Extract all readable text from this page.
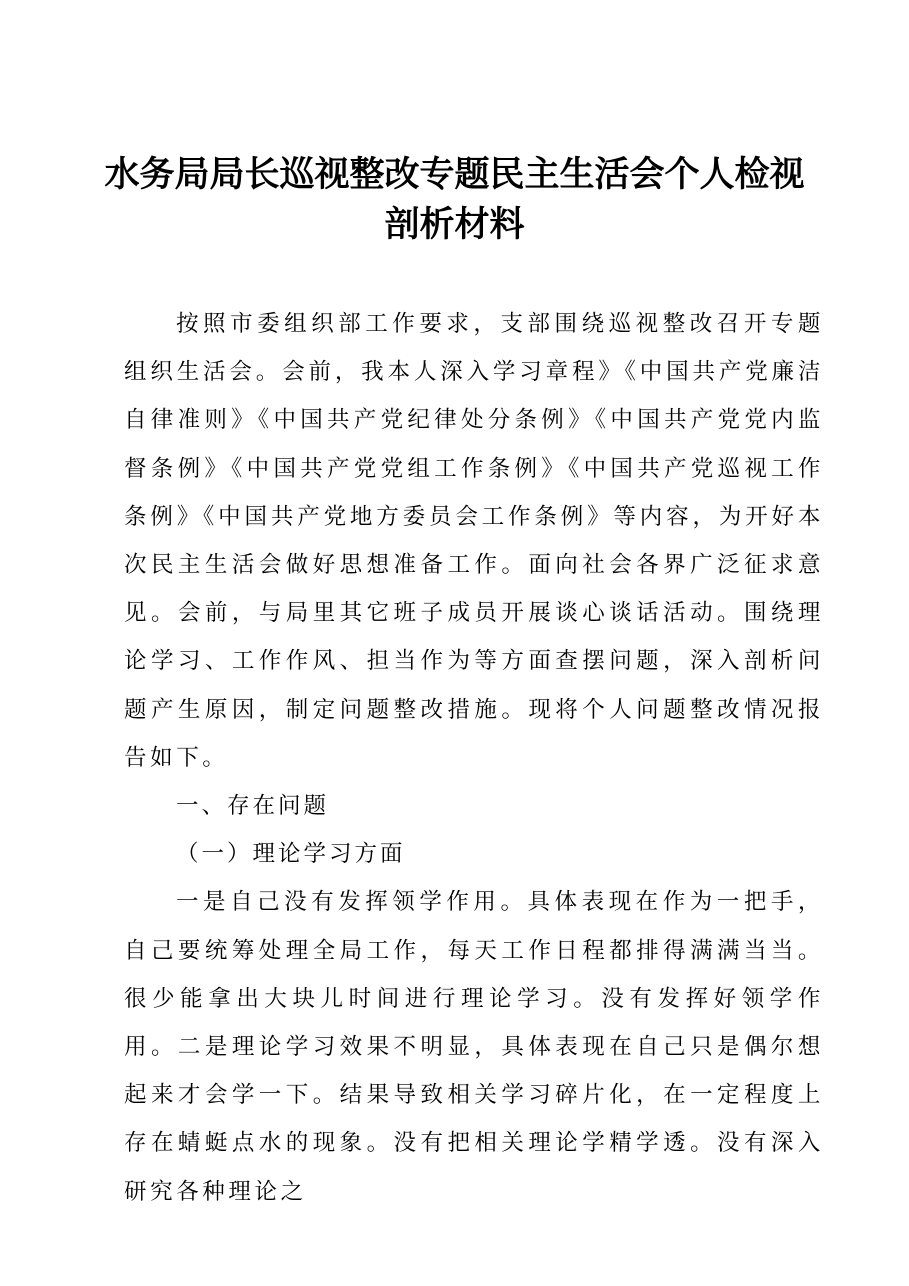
水务局局长巡视整改专题民主生活会个人检视
剖析材料

按照市委组织部工作要求，支部围绕巡视整改召开专题组织生活会。会前，我本人深入学习章程》《中国共产党廉洁自律准则》《中国共产党纪律处分条例》《中国共产党党内监督条例》《中国共产党党组工作条例》《中国共产党巡视工作条例》《中国共产党地方委员会工作条例》等内容，为开好本次民主生活会做好思想准备工作。面向社会各界广泛征求意见。会前，与局里其它班子成员开展谈心谈话活动。围绕理论学习、工作作风、担当作为等方面查摆问题，深入剖析问题产生原因，制定问题整改措施。现将个人问题整改情况报告如下。

一、存在问题

（一）理论学习方面

一是自己没有发挥领学作用。具体表现在作为一把手，自己要统筹处理全局工作，每天工作日程都排得满满当当。很少能拿出大块儿时间进行理论学习。没有发挥好领学作用。二是理论学习效果不明显，具体表现在自己只是偶尔想起来才会学一下。结果导致相关学习碎片化，在一定程度上存在蜻蜓点水的现象。没有把相关理论学精学透。没有深入研究各种理论之
